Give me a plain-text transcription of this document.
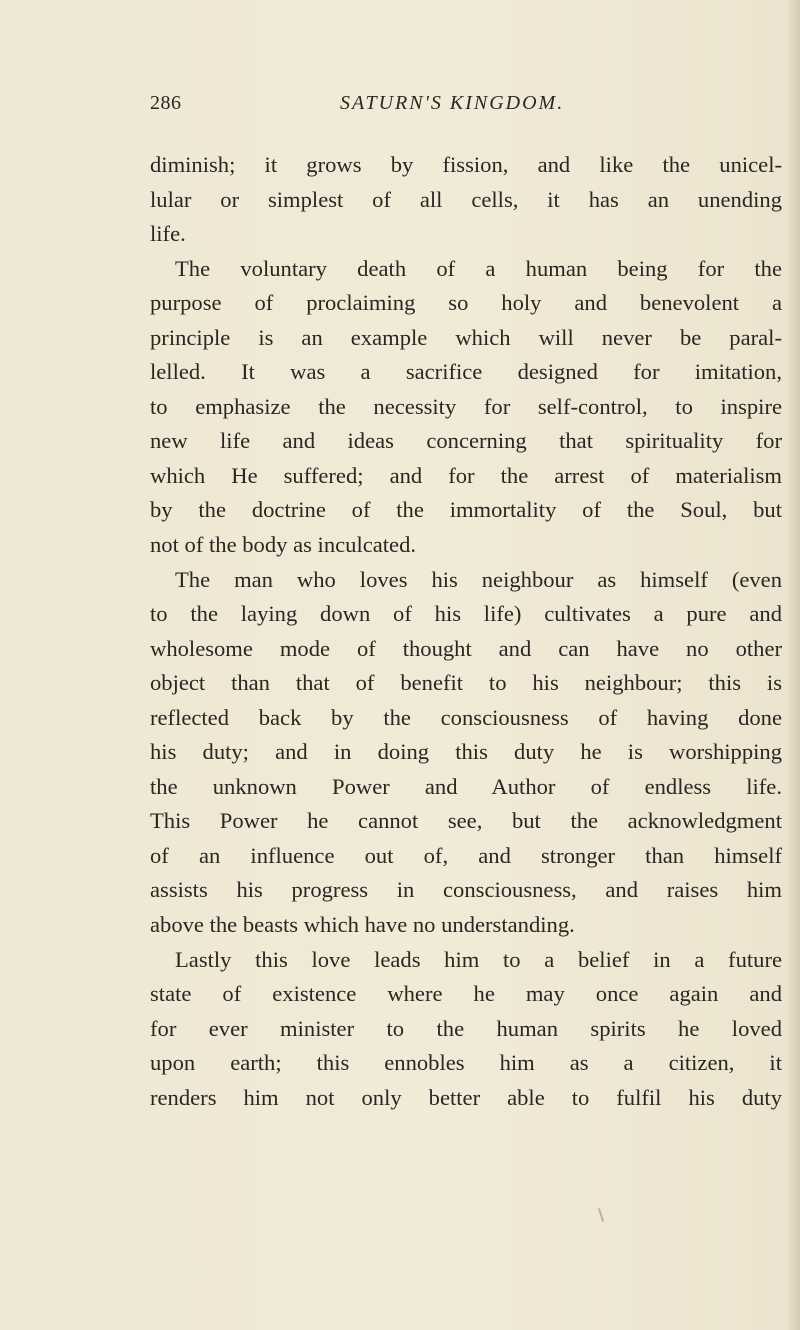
286	SATURN'S KINGDOM.
diminish; it grows by fission, and like the unicel-
lular or simplest of all cells, it has an unending
life.
The voluntary death of a human being for the
purpose of proclaiming so holy and benevolent a
principle is an example which will never be paral-
lelled. It was a sacrifice designed for imitation,
to emphasize the necessity for self-control, to inspire
new life and ideas concerning that spirituality for
which He suffered; and for the arrest of materialism
by the doctrine of the immortality of the Soul, but
not of the body as inculcated.
The man who loves his neighbour as himself (even
to the laying down of his life) cultivates a pure and
wholesome mode of thought and can have no other
object than that of benefit to his neighbour; this is
reflected back by the consciousness of having done
his duty; and in doing this duty he is worshipping
the unknown Power and Author of endless life.
This Power he cannot see, but the acknowledgment
of an influence out of, and stronger than himself
assists his progress in consciousness, and raises him
above the beasts which have no understanding.
Lastly this love leads him to a belief in a future
state of existence where he may once again and
for ever minister to the human spirits he loved
upon earth; this ennobles him as a citizen, it
renders him not only better able to fulfil his duty
